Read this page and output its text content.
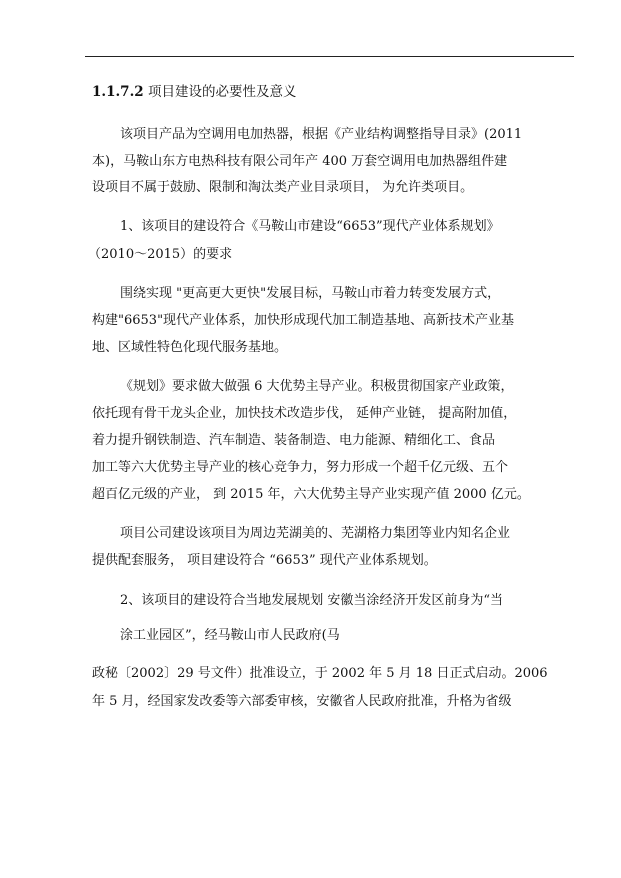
1.1.7.2 项目建设的必要性及意义
该项目产品为空调用电加热器，根据《产业结构调整指导目录》(2011
本)，马鞍山东方电热科技有限公司年产 400 万套空调用电加热器组件建
设项目不属于鼓励、限制和淘汰类产业目录项目， 为允许类项目。
1、该项目的建设符合《马鞍山市建设“6653”现代产业体系规划》
（2010～2015）的要求
围绕实现 "更高更大更快"发展目标，马鞍山市着力转变发展方式，
构建"6653"现代产业体系，加快形成现代加工制造基地、高新技术产业基
地、区域性特色化现代服务基地。
《规划》要求做大做强 6 大优势主导产业。积极贯彻国家产业政策，
依托现有骨干龙头企业，加快技术改造步伐， 延伸产业链， 提高附加值，
着力提升钢铁制造、汽车制造、装备制造、电力能源、精细化工、食品
加工等六大优势主导产业的核心竞争力，努力形成一个超千亿元级、五个
超百亿元级的产业， 到 2015 年，六大优势主导产业实现产值 2000 亿元。
项目公司建设该项目为周边芜湖美的、芜湖格力集团等业内知名企业
提供配套服务， 项目建设符合 “6653” 现代产业体系规划。
2、该项目的建设符合当地发展规划 安徽当涂经济开发区前身为“当
涂工业园区”，经马鞍山市人民政府(马
政秘〔2002〕29 号文件）批准设立，于 2002 年 5 月 18 日正式启动。2006
年 5 月，经国家发改委等六部委审核，安徽省人民政府批准，升格为省级
